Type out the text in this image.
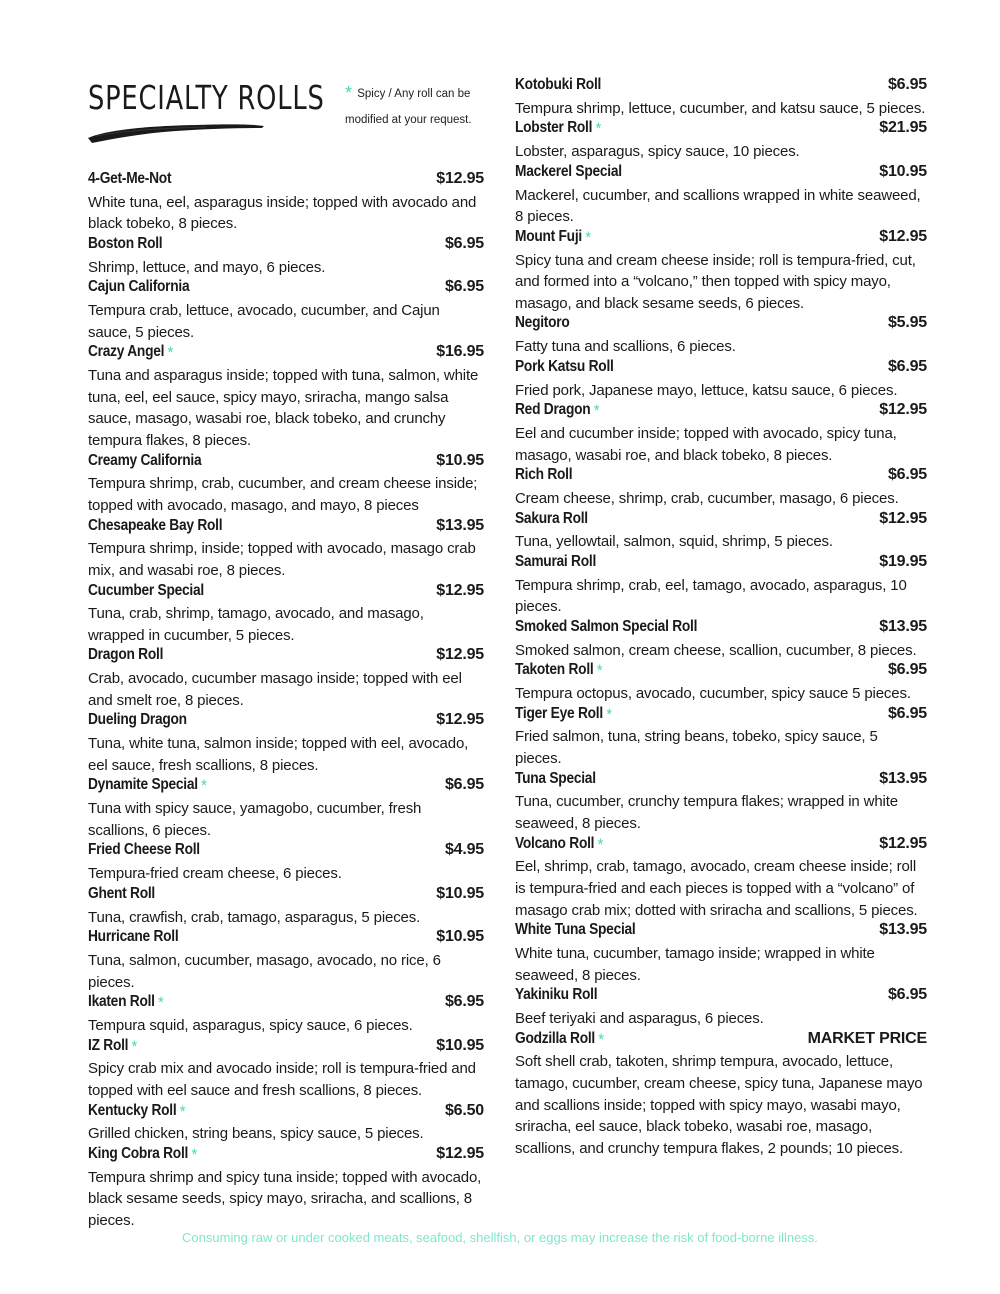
SPECIALTY ROLLS * Spicy / Any roll can be modified at your request.
4-Get-Me-Not	$12.95
White tuna, eel, asparagus inside; topped with avocado and black tobeko, 8 pieces.
Boston Roll	$6.95
Shrimp, lettuce, and mayo, 6 pieces.
Cajun California	$6.95
Tempura crab, lettuce, avocado, cucumber, and Cajun sauce, 5 pieces.
Crazy Angel *	$16.95
Tuna and asparagus inside; topped with tuna, salmon, white tuna, eel, eel sauce, spicy mayo, sriracha, mango salsa sauce, masago, wasabi roe, black tobeko, and crunchy tempura flakes, 8 pieces.
Creamy California	$10.95
Tempura shrimp, crab, cucumber, and cream cheese inside; topped with avocado, masago, and mayo, 8 pieces
Chesapeake Bay Roll	$13.95
Tempura shrimp, inside; topped with avocado, masago crab mix, and wasabi roe, 8 pieces.
Cucumber Special	$12.95
Tuna, crab, shrimp, tamago, avocado, and masago, wrapped in cucumber, 5 pieces.
Dragon Roll	$12.95
Crab, avocado, cucumber masago inside; topped with eel and smelt roe, 8 pieces.
Dueling Dragon	$12.95
Tuna, white tuna, salmon inside; topped with eel, avocado, eel sauce, fresh scallions, 8 pieces.
Dynamite Special *	$6.95
Tuna with spicy sauce, yamagobo, cucumber, fresh scallions, 6 pieces.
Fried Cheese Roll	$4.95
Tempura-fried cream cheese, 6 pieces.
Ghent Roll	$10.95
Tuna, crawfish, crab, tamago, asparagus, 5 pieces.
Hurricane Roll	$10.95
Tuna, salmon, cucumber, masago, avocado, no rice, 6 pieces.
Ikaten Roll *	$6.95
Tempura squid, asparagus, spicy sauce, 6 pieces.
IZ Roll *	$10.95
Spicy crab mix and avocado inside; roll is tempura-fried and topped with eel sauce and fresh scallions, 8 pieces.
Kentucky Roll *	$6.50
Grilled chicken, string beans, spicy sauce, 5 pieces.
King Cobra Roll *	$12.95
Tempura shrimp and spicy tuna inside; topped with avocado, black sesame seeds, spicy mayo, sriracha, and scallions, 8 pieces.
Kotobuki Roll	$6.95
Tempura shrimp, lettuce, cucumber, and katsu sauce, 5 pieces.
Lobster Roll *	$21.95
Lobster, asparagus, spicy sauce, 10 pieces.
Mackerel Special	$10.95
Mackerel, cucumber, and scallions wrapped in white seaweed, 8 pieces.
Mount Fuji *	$12.95
Spicy tuna and cream cheese inside; roll is tempura-fried, cut, and formed into a “volcano,” then topped with spicy mayo, masago, and black sesame seeds, 6 pieces.
Negitoro	$5.95
Fatty tuna and scallions, 6 pieces.
Pork Katsu Roll	$6.95
Fried pork, Japanese mayo, lettuce, katsu sauce, 6 pieces.
Red Dragon *	$12.95
Eel and cucumber inside; topped with avocado, spicy tuna, masago, wasabi roe, and black tobeko, 8 pieces.
Rich Roll	$6.95
Cream cheese, shrimp, crab, cucumber, masago, 6 pieces.
Sakura Roll	$12.95
Tuna, yellowtail, salmon, squid, shrimp, 5 pieces.
Samurai Roll	$19.95
Tempura shrimp, crab, eel, tamago, avocado, asparagus, 10 pieces.
Smoked Salmon Special Roll	$13.95
Smoked salmon, cream cheese, scallion, cucumber, 8 pieces.
Takoten Roll *	$6.95
Tempura octopus, avocado, cucumber, spicy sauce 5 pieces.
Tiger Eye Roll *	$6.95
Fried salmon, tuna, string beans, tobeko, spicy sauce, 5 pieces.
Tuna Special	$13.95
Tuna, cucumber, crunchy tempura flakes; wrapped in white seaweed, 8 pieces.
Volcano Roll *	$12.95
Eel, shrimp, crab, tamago, avocado, cream cheese inside; roll is tempura-fried and each pieces is topped with a “volcano” of masago crab mix; dotted with sriracha and scallions, 5 pieces.
White Tuna Special	$13.95
White tuna, cucumber, tamago inside; wrapped in white seaweed, 8 pieces.
Yakiniku Roll	$6.95
Beef teriyaki and asparagus, 6 pieces.
Godzilla Roll *	MARKET PRICE
Soft shell crab, takoten, shrimp tempura, avocado, lettuce, tamago, cucumber, cream cheese, spicy tuna, Japanese mayo and scallions inside; topped with spicy mayo, wasabi mayo, sriracha, eel sauce, black tobeko, wasabi roe, masago, scallions, and crunchy tempura flakes, 2 pounds; 10 pieces.
Consuming raw or under cooked meats, seafood, shellfish, or eggs may increase the risk of food-borne illness.
